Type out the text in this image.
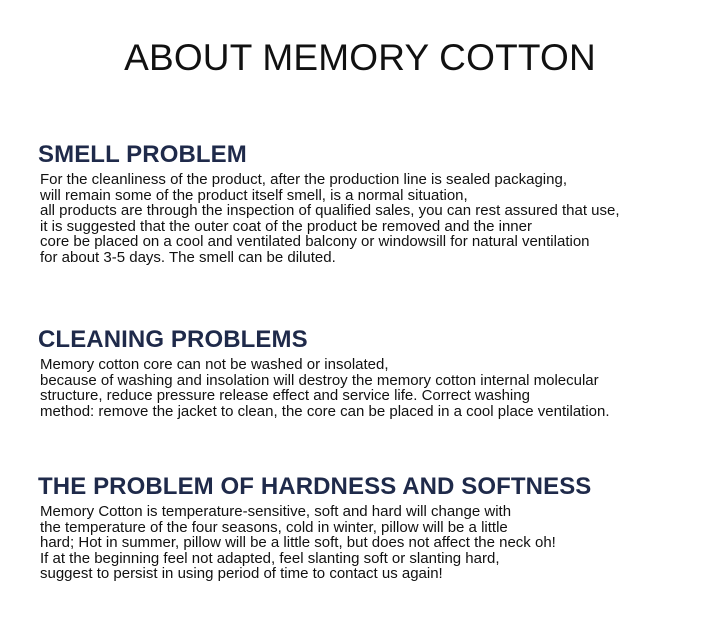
ABOUT MEMORY COTTON
SMELL PROBLEM
For the cleanliness of the product, after the production line is sealed packaging,
will remain some of the product itself smell, is a normal situation,
all products are through the inspection of qualified sales, you can rest assured that use,
it is suggested that the outer coat of the product be removed and the inner
core be placed on a cool and ventilated balcony or windowsill for natural ventilation
for about 3-5 days. The smell can be diluted.
CLEANING PROBLEMS
Memory cotton core can not be washed or insolated,
because of washing and insolation will destroy the memory cotton internal molecular
structure, reduce pressure release effect and service life. Correct washing
method: remove the jacket to clean, the core can be placed in a cool place ventilation.
THE PROBLEM OF HARDNESS AND SOFTNESS
Memory Cotton is temperature-sensitive, soft and hard will change with
the temperature of the four seasons, cold in winter, pillow will be a little
hard; Hot in summer, pillow will be a little soft, but does not affect the neck oh!
If at the beginning feel not adapted, feel slanting soft or slanting hard,
suggest to persist in using period of time to contact us again!
